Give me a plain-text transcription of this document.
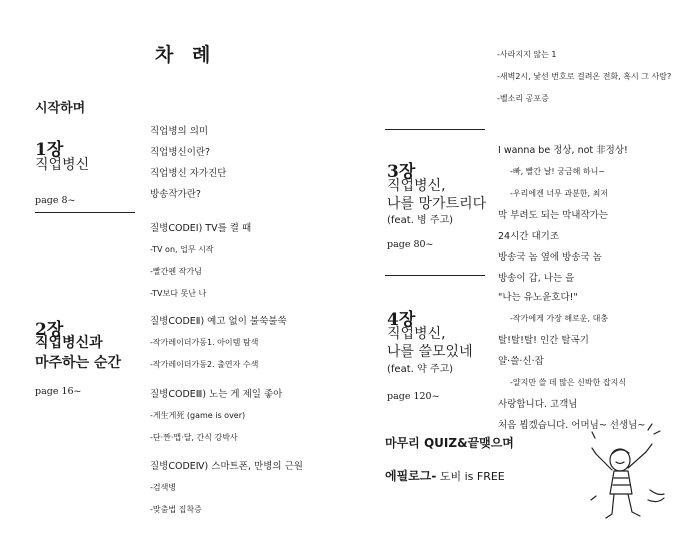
차 례
시작하며
1장
직업병신
page 8~
직업병의 의미
직업병신이란?
직업병신 자가진단
방송작가란?
질병CODEⅠ) TV를 켤 때
-TV on, 업무 시작
-빨간펜 작가님
-TV보다 못난 나
2장
직업병신과
마주하는 순간
page 16~
질병CODEⅡ) 예고 없이 불쑥불쑥
-작가레이더가동1. 아이템 탐색
-작가레이더가동2. 출연자 수색
질병CODEⅢ) 노는 게 제일 좋아
-게生게死 (game is over)
-단·짠·맵·달, 간식 강박사
질병CODEⅣ) 스마트폰, 만병의 근원
-검색병
-맞춤법 집착증
-사라지지 않는 1
-새벽2시, 낯선 번호로 걸려온 전화, 혹시 그 사람?
-벨소리 공포증
3장
직업병신,
나를 망가트리다
(feat. 병 주고)
page 80~
I wanna be 정상, not 非정상!
-빠, 빨간 날! 궁금해 하니~
-우리에겐 너무 과분한, 최저
막 부려도 되는 막내작가는
24시간 대기조
방송국 놈 옆에 방송국 놈
방송이 갑, 나는 을
4장
직업병신,
나를 쓸모있네
(feat. 약 주고)
page 120~
"나는 유노윤호다!"
-작가에게 가장 해로운, 대충
탈!탈!탈! 인간 탈곡기
얄·쓸·신·잡
-얄지만 쓸 데 많은 신박한 잡지식
사랑합니다. 고객님
처음 뵙겠습니다. 어머님~ 선생님~
마무리 QUIZ&끝맺으며
에필로그- 도비 is FREE
